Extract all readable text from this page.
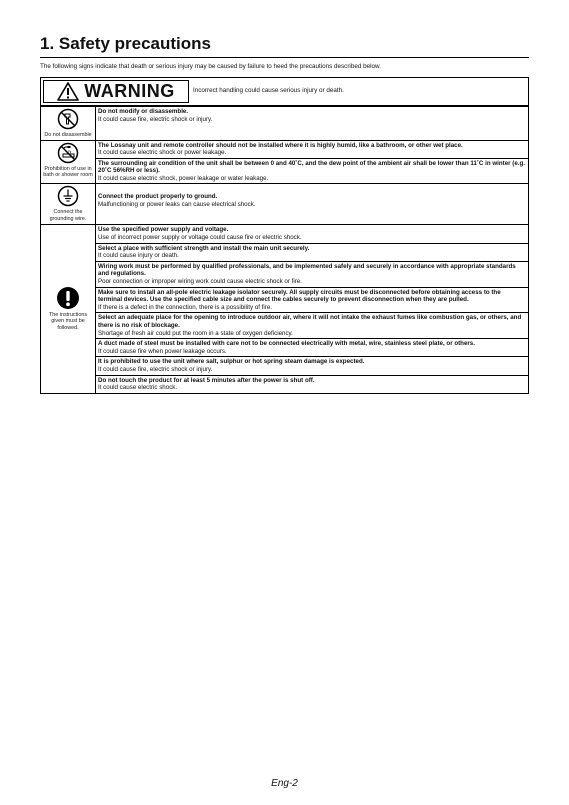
1. Safety precautions
The following signs indicate that death or serious injury may be caused by failure to heed the precautions described below.
WARNING	Incorrect handling could cause serious injury or death.
Do not disassemble	Do not modify or disassemble.
It could cause fire, electric shock or injury.

Prohibition of use in bath or shower room	The Lossnay unit and remote controller should not be installed where it is highly humid, like a bathroom, or other wet place.
It could cause electric shock or power leakage.

	The surrounding air condition of the unit shall be between 0 and 40˚C, and the dew point of the ambient air shall be lower than 11˚C in winter (e.g. 20˚C 56%RH or less).
It could cause electric shock, power leakage or water leakage.

Connect the grounding wire.	Connect the product properly to ground.
Malfunctioning or power leaks can cause electrical shock.

The instructions given must be followed.	Use the specified power supply and voltage.
Use of incorrect power supply or voltage could cause fire or electric shock.

	Select a place with sufficient strength and install the main unit securely.
It could cause injury or death.

	Wiring work must be performed by qualified professionals, and be implemented safely and securely in accordance with appropriate standards and regulations.
Poor connection or improper wiring work could cause electric shock or fire.

	Make sure to install an all-pole electric leakage isolator securely. All supply circuits must be disconnected before obtaining access to the terminal devices. Use the specified cable size and connect the cables securely to prevent disconnection when they are pulled.
If there is a defect in the connection, there is a possibility of fire.

	Select an adequate place for the opening to introduce outdoor air, where it will not intake the exhaust fumes like combustion gas, or others, and there is no risk of blockage.
Shortage of fresh air could put the room in a state of oxygen deficiency.

	A duct made of steel must be installed with care not to be connected electrically with metal, wire, stainless steel plate, or others.
It could cause fire when power leakage occurs.

	It is prohibited to use the unit where salt, sulphur or hot spring steam damage is expected.
It could cause fire, electric shock or injury.

	Do not touch the product for at least 5 minutes after the power is shut off.
It could cause electric shock.
Eng-2
